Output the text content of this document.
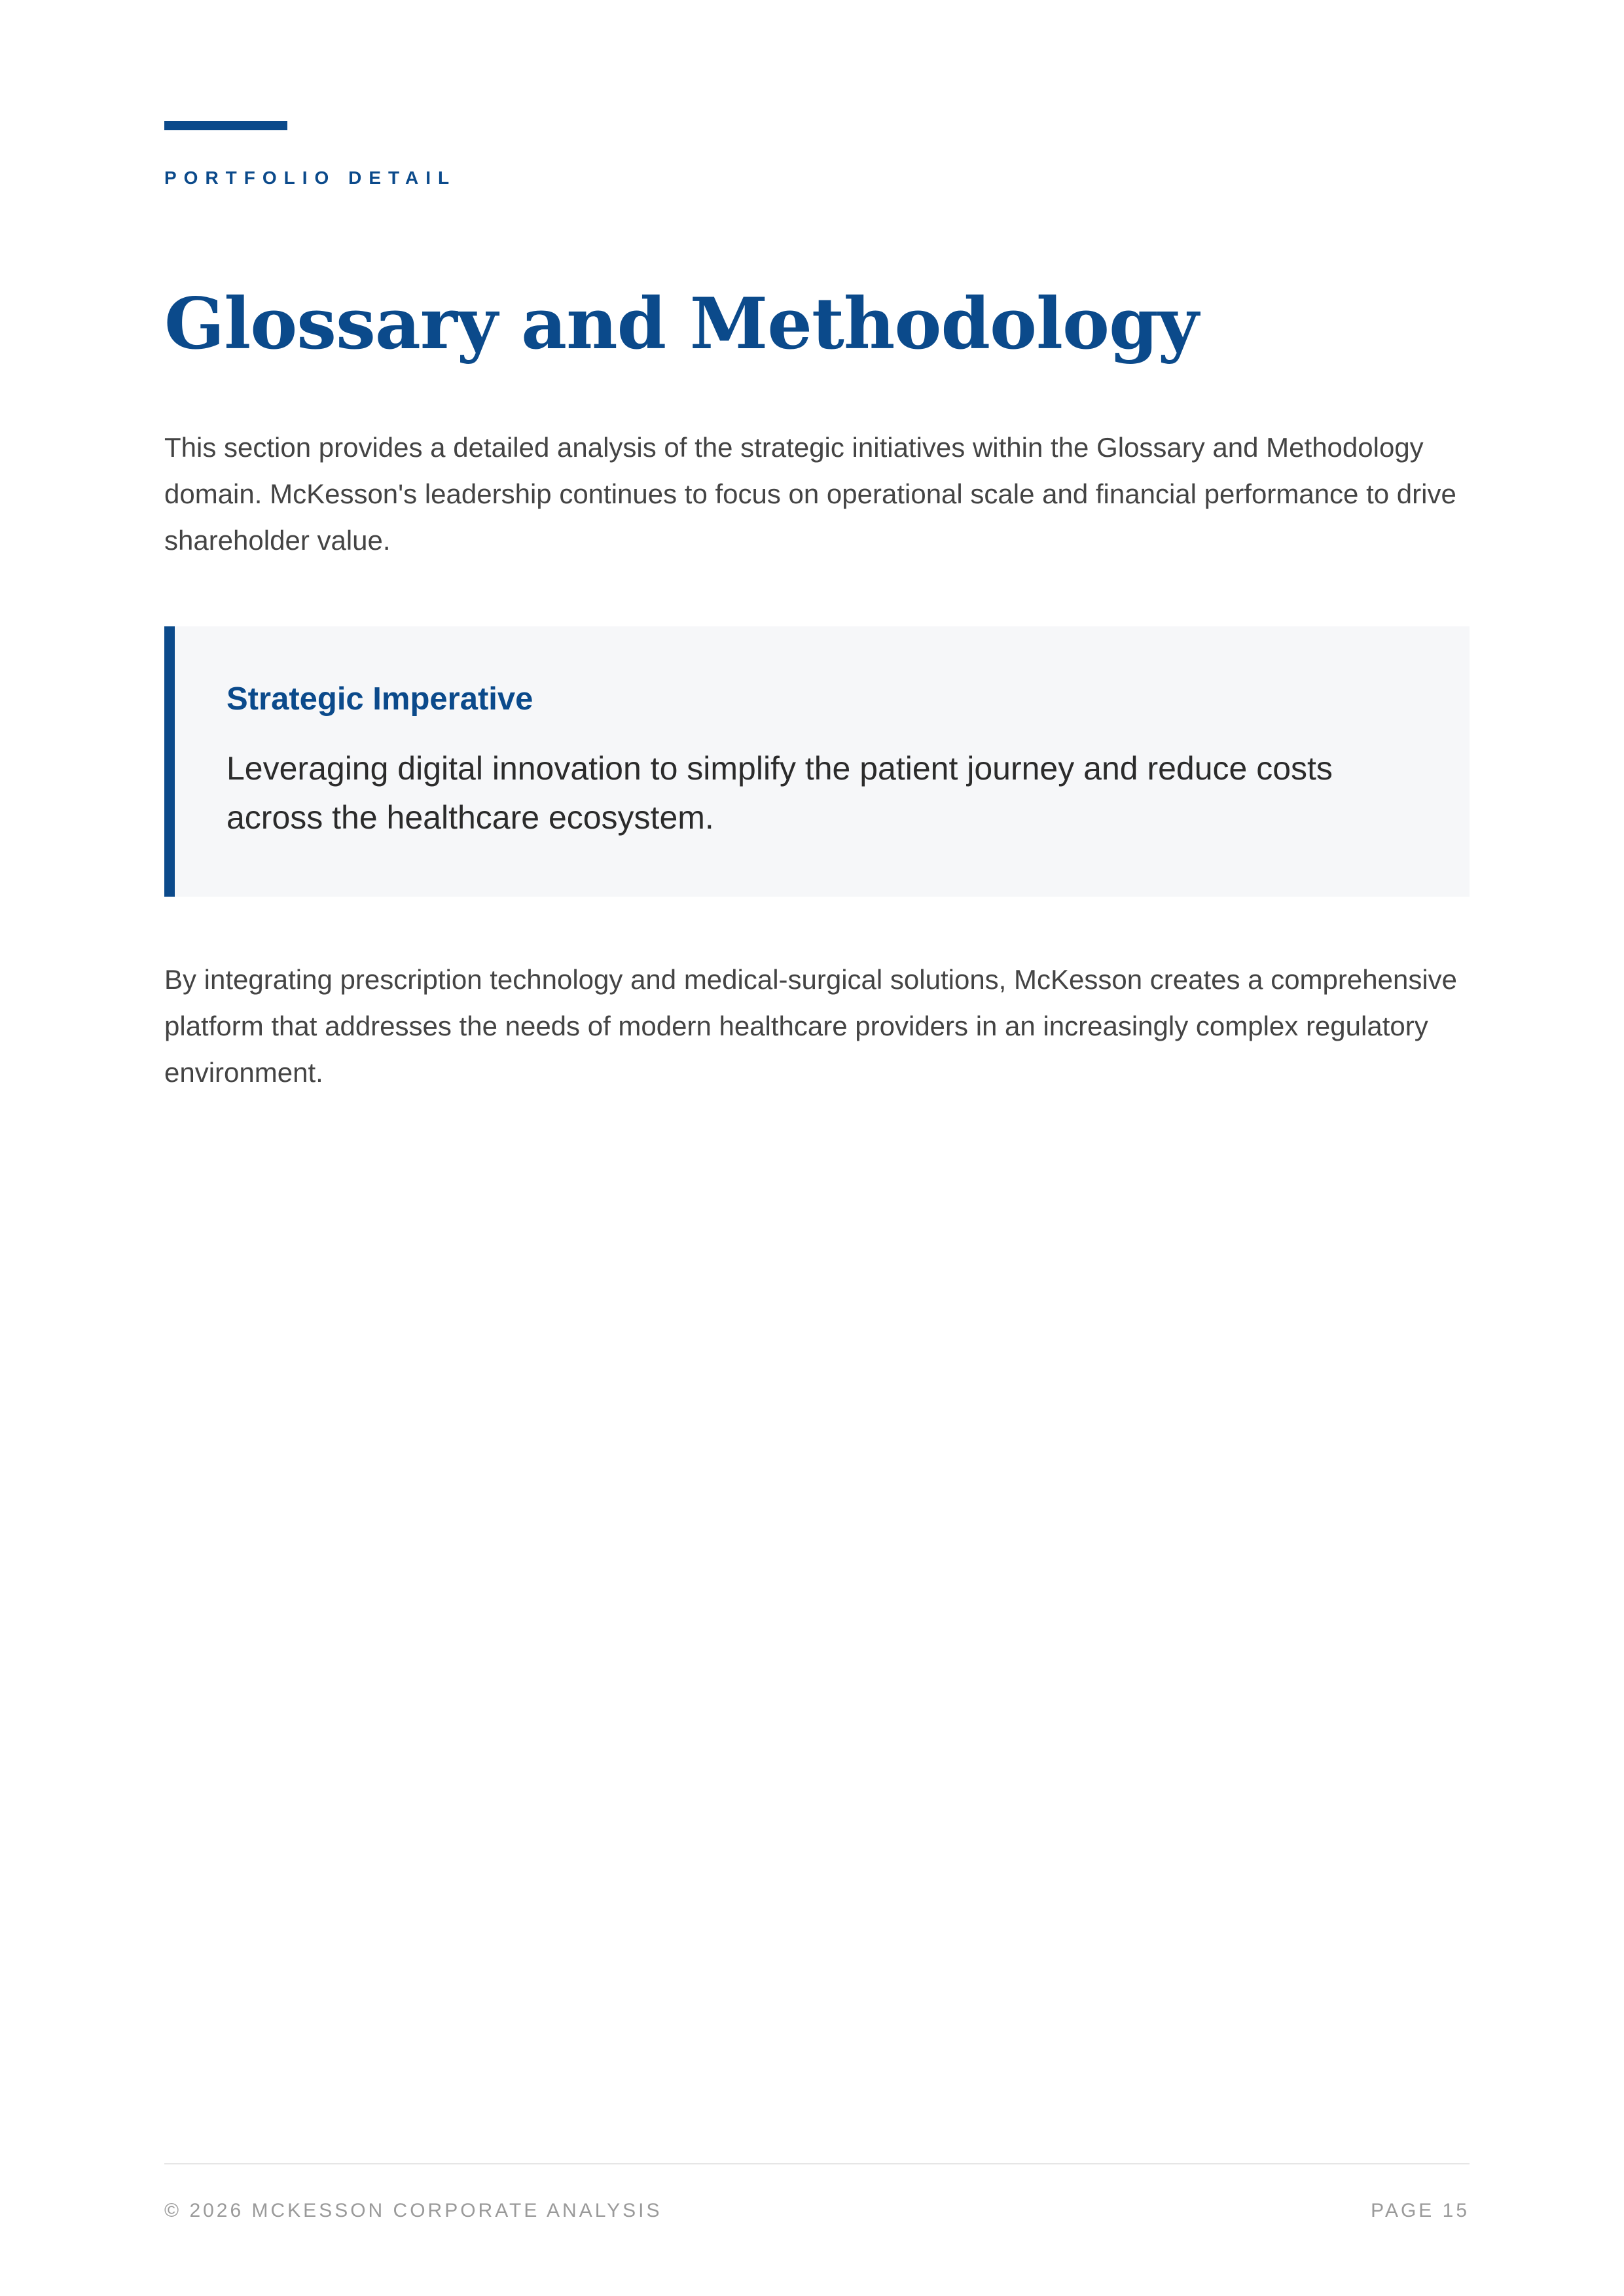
PORTFOLIO DETAIL
Glossary and Methodology

This section provides a detailed analysis of the strategic initiatives within the Glossary and Methodology domain. McKesson's leadership continues to focus on operational scale and financial performance to drive shareholder value.

Strategic Imperative

Leveraging digital innovation to simplify the patient journey and reduce costs across the healthcare ecosystem.

By integrating prescription technology and medical-surgical solutions, McKesson creates a comprehensive platform that addresses the needs of modern healthcare providers in an increasingly complex regulatory environment.

© 2026 MCKESSON CORPORATE ANALYSIS	PAGE 15
